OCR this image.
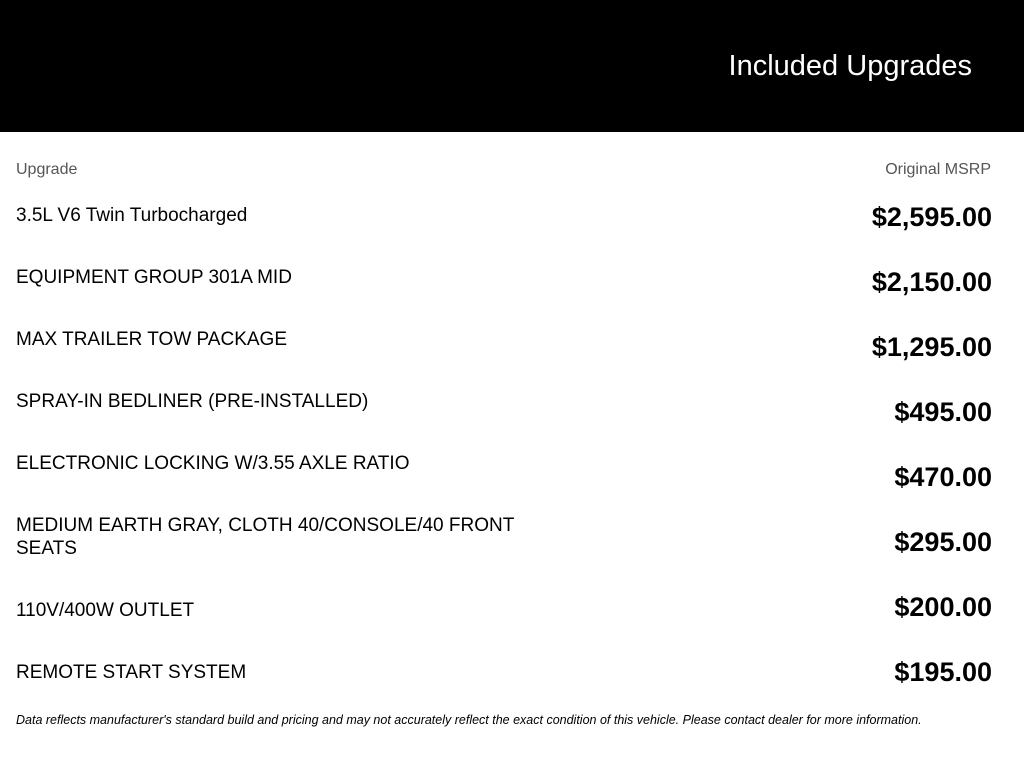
Included Upgrades
Upgrade	Original MSRP
3.5L V6 Twin Turbocharged	$2,595.00
EQUIPMENT GROUP 301A MID	$2,150.00
MAX TRAILER TOW PACKAGE	$1,295.00
SPRAY-IN BEDLINER (PRE-INSTALLED)	$495.00
ELECTRONIC LOCKING W/3.55 AXLE RATIO	$470.00
MEDIUM EARTH GRAY, CLOTH 40/CONSOLE/40 FRONT SEATS	$295.00
110V/400W OUTLET	$200.00
REMOTE START SYSTEM	$195.00
Data reflects manufacturer's standard build and pricing and may not accurately reflect the exact condition of this vehicle. Please contact dealer for more information.
